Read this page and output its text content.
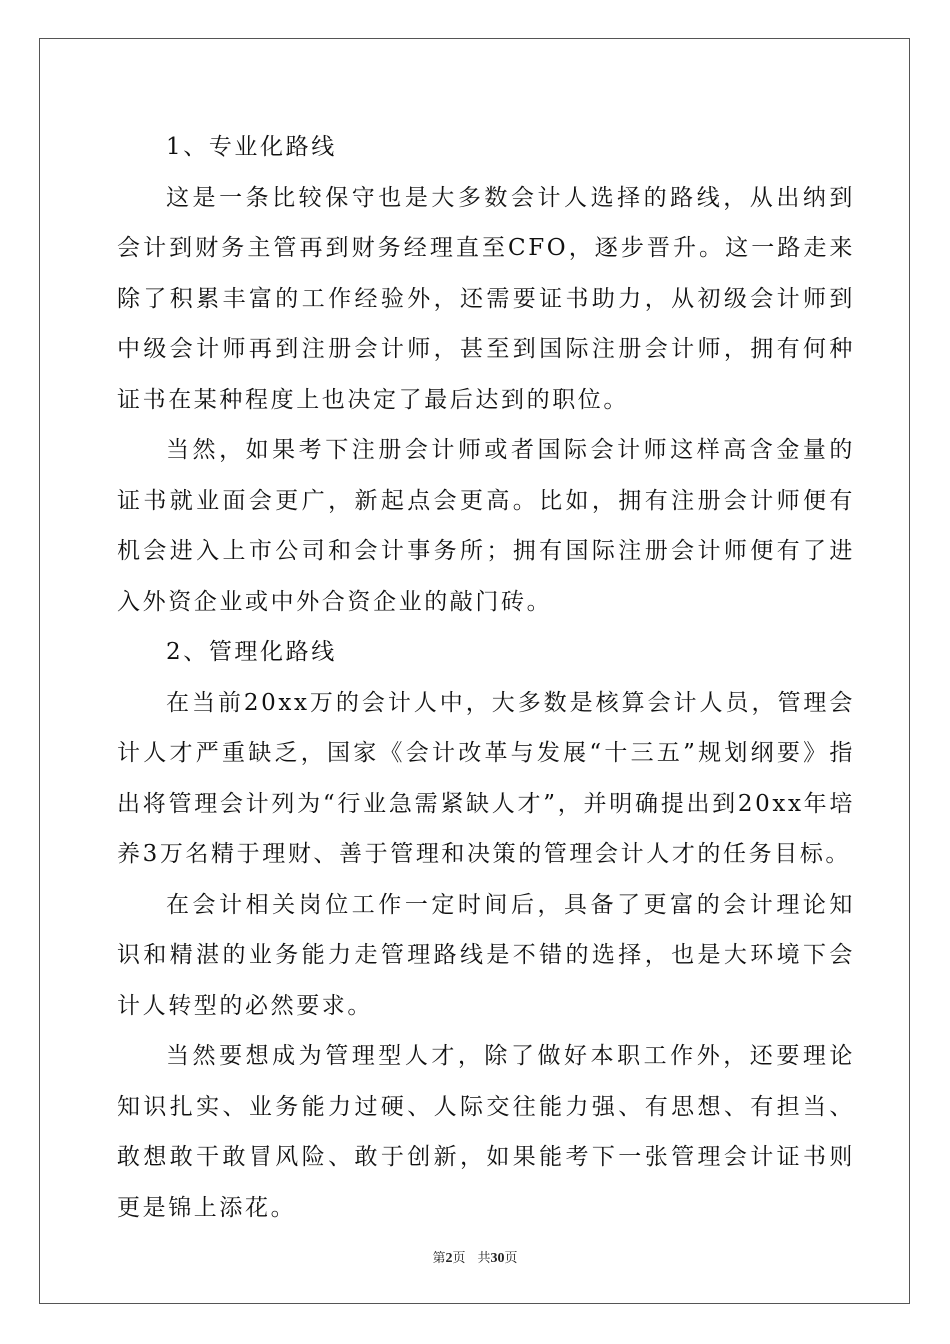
1、专业化路线

这是一条比较保守也是大多数会计人选择的路线，从出纳到会计到财务主管再到财务经理直至CFO，逐步晋升。这一路走来除了积累丰富的工作经验外，还需要证书助力，从初级会计师到中级会计师再到注册会计师，甚至到国际注册会计师，拥有何种证书在某种程度上也决定了最后达到的职位。

当然，如果考下注册会计师或者国际会计师这样高含金量的证书就业面会更广，新起点会更高。比如，拥有注册会计师便有机会进入上市公司和会计事务所；拥有国际注册会计师便有了进入外资企业或中外合资企业的敲门砖。

2、管理化路线

在当前20xx万的会计人中，大多数是核算会计人员，管理会计人才严重缺乏，国家《会计改革与发展“十三五”规划纲要》指出将管理会计列为“行业急需紧缺人才”，并明确提出到20xx年培养3万名精于理财、善于管理和决策的管理会计人才的任务目标。

在会计相关岗位工作一定时间后，具备了更富的会计理论知识和精湛的业务能力走管理路线是不错的选择，也是大环境下会计人转型的必然要求。

当然要想成为管理型人才，除了做好本职工作外，还要理论知识扎实、业务能力过硬、人际交往能力强、有思想、有担当、敢想敢干敢冒风险、敢于创新，如果能考下一张管理会计证书则更是锦上添花。

第2页 共30页
